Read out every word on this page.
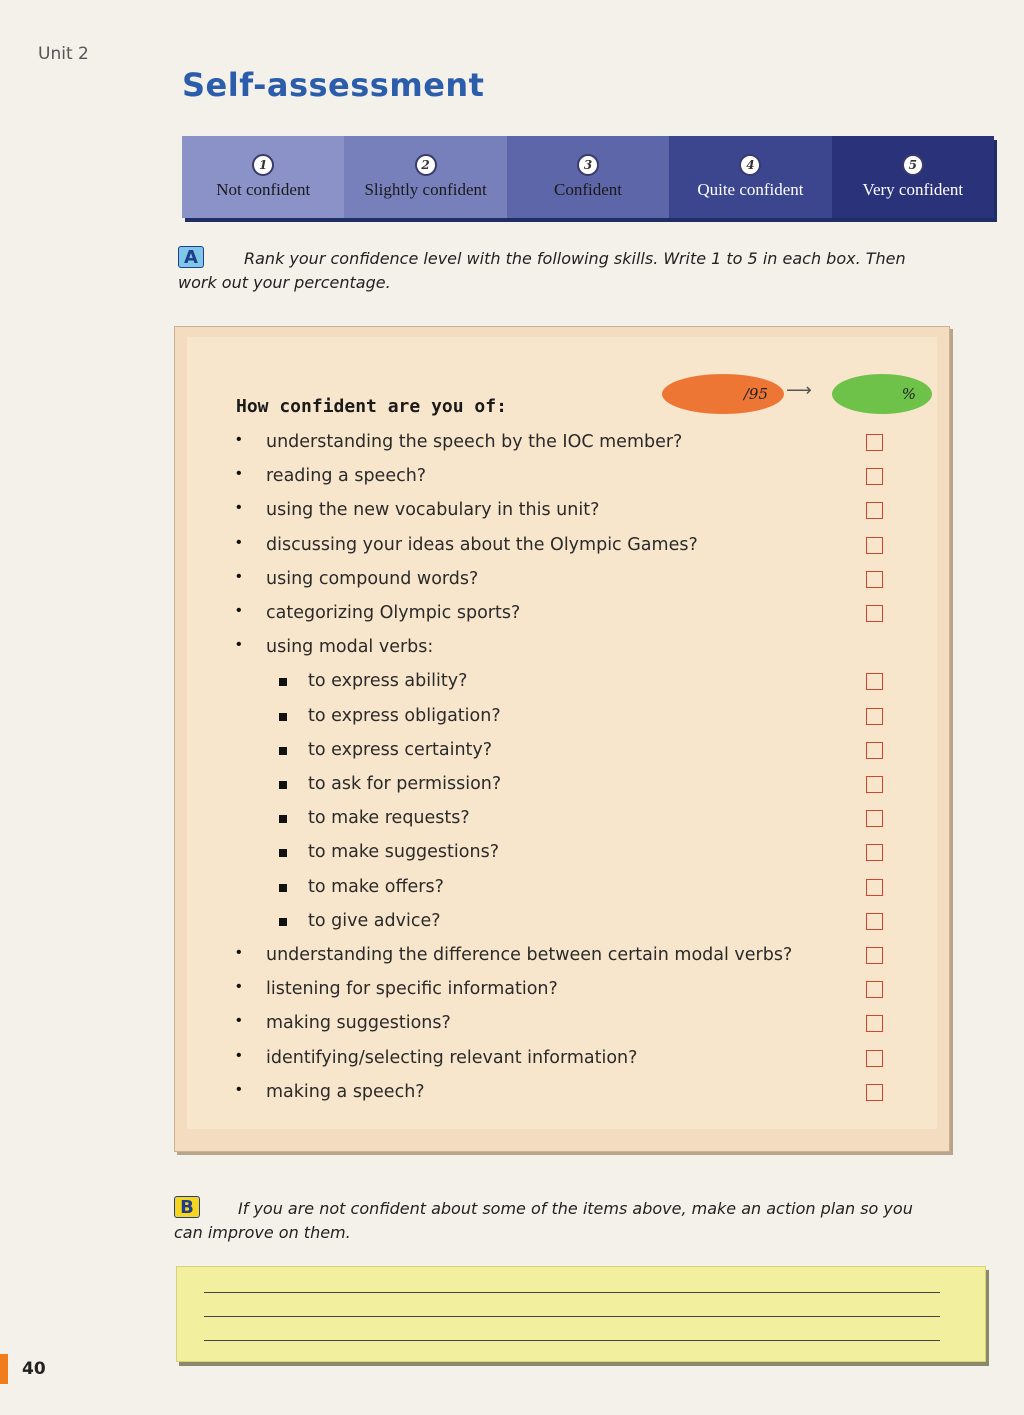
Unit 2
Self-assessment
1
Not confident
2
Slightly confident
3
Confident
4
Quite confident
5
Very confident
A	Rank your confidence level with the following skills. Write 1 to 5 in each box. Then
work out your percentage.
/95 ⟶	%
How confident are you of:
• understanding the speech by the IOC member?
• reading a speech?
• using the new vocabulary in this unit?
• discussing your ideas about the Olympic Games?
• using compound words?
• categorizing Olympic sports?
• using modal verbs:
to express ability?
to express obligation?
to express certainty?
to ask for permission?
to make requests?
to make suggestions?
to make offers?
to give advice?
• understanding the difference between certain modal verbs?
• listening for specific information?
• making suggestions?
• identifying/selecting relevant information?
• making a speech?
B	If you are not confident about some of the items above, make an action plan so you
can improve on them.
40
